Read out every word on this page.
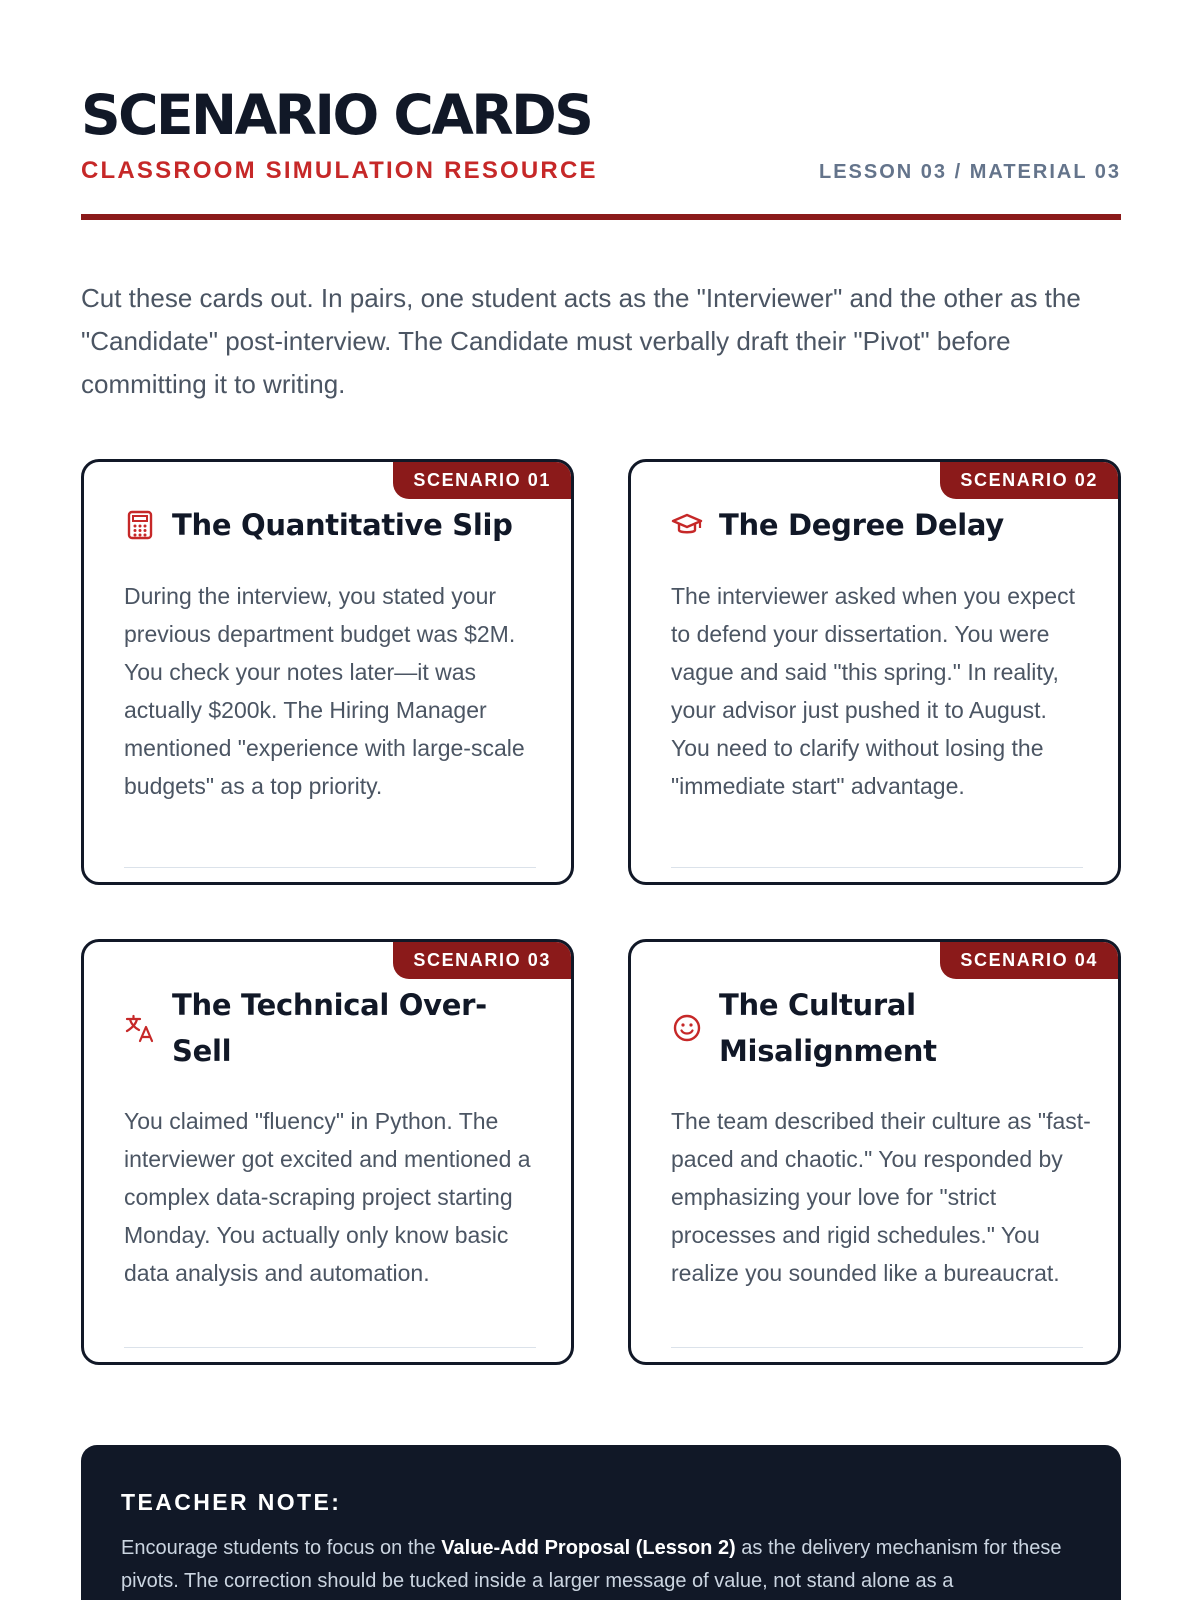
SCENARIO CARDS
CLASSROOM SIMULATION RESOURCE	LESSON 03 / MATERIAL 03

Cut these cards out. In pairs, one student acts as the "Interviewer" and the other as the "Candidate" post-interview. The Candidate must verbally draft their "Pivot" before committing it to writing.

SCENARIO 01
The Quantitative Slip

During the interview, you stated your previous department budget was $2M. You check your notes later—it was actually $200k. The Hiring Manager mentioned "experience with large-scale budgets" as a top priority.

SCENARIO 02
The Degree Delay

The interviewer asked when you expect to defend your dissertation. You were vague and said "this spring." In reality, your advisor just pushed it to August. You need to clarify without losing the "immediate start" advantage.

SCENARIO 03
The Technical Over-Sell

You claimed "fluency" in Python. The interviewer got excited and mentioned a complex data-scraping project starting Monday. You actually only know basic data analysis and automation.

SCENARIO 04
The Cultural Misalignment

The team described their culture as "fast-paced and chaotic." You responded by emphasizing your love for "strict processes and rigid schedules." You realize you sounded like a bureaucrat.

TEACHER NOTE:

Encourage students to focus on the Value-Add Proposal (Lesson 2) as the delivery mechanism for these pivots. The correction should be tucked inside a larger message of value, not stand alone as a
